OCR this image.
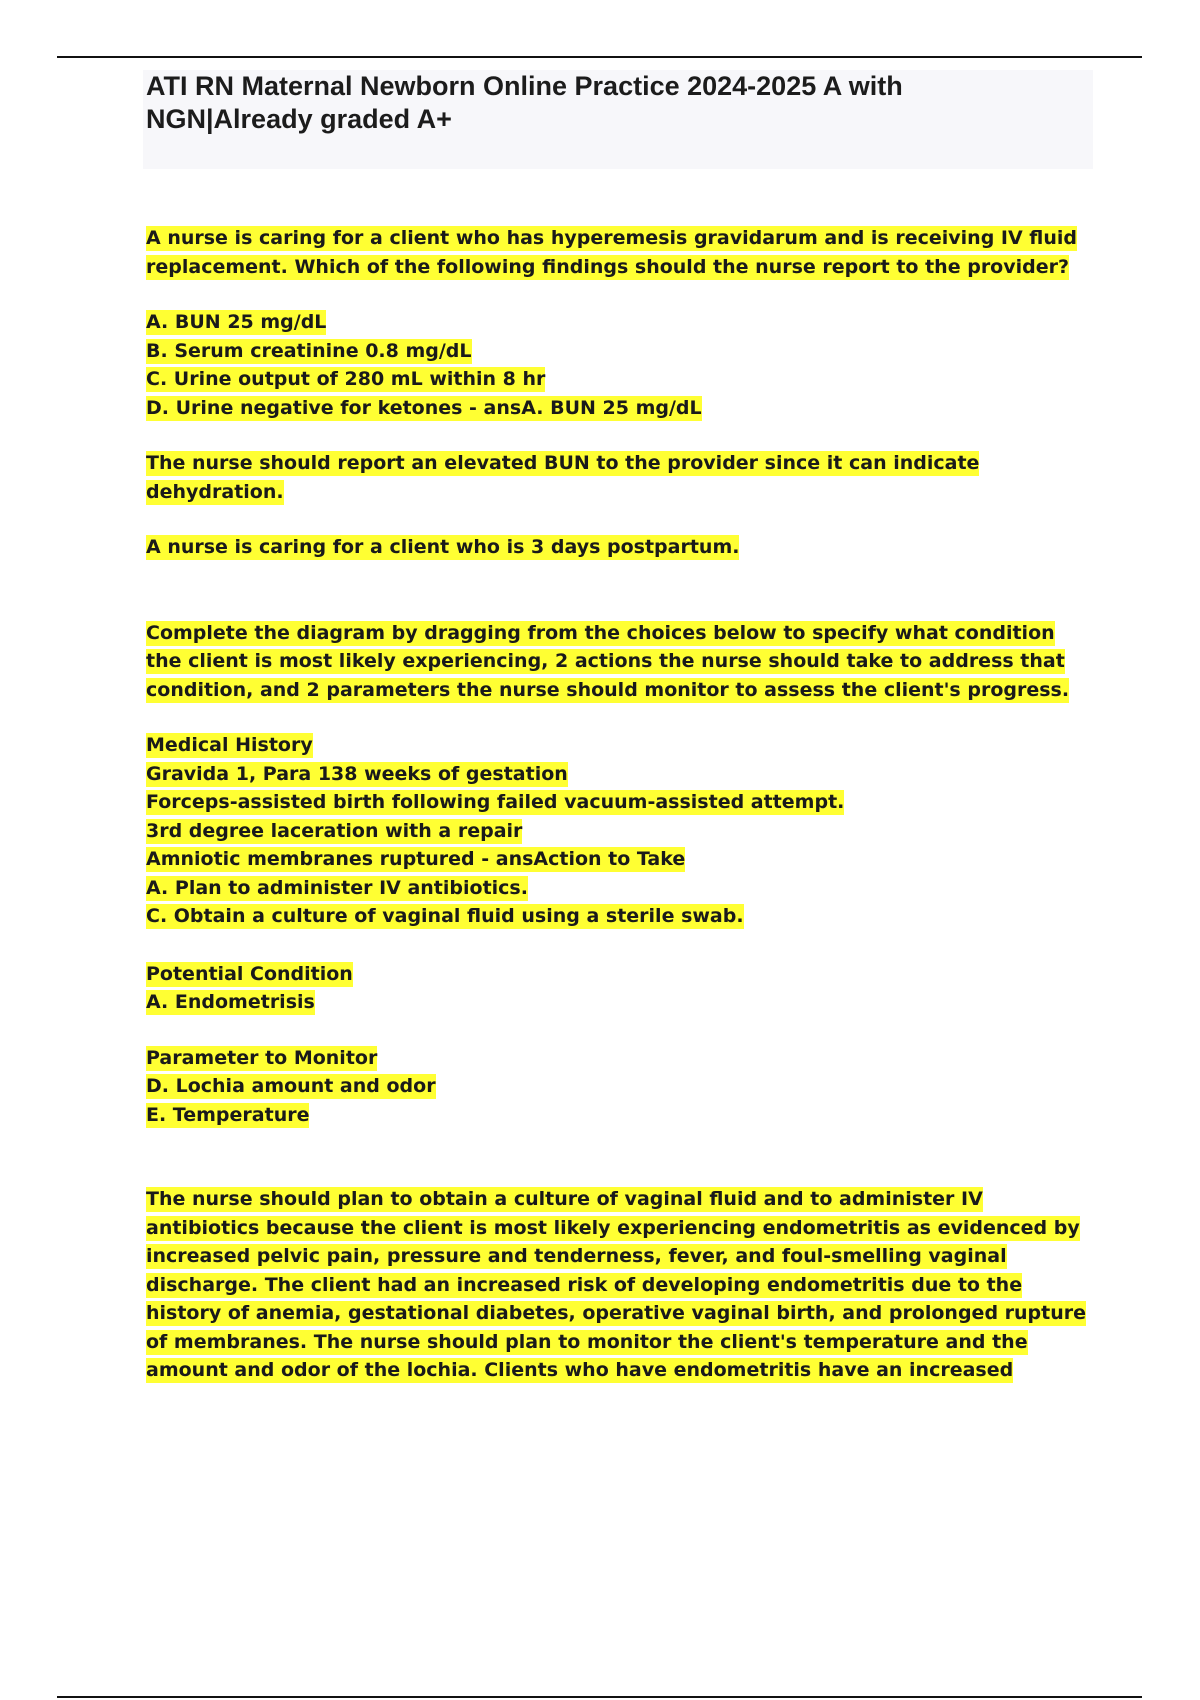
ATI RN Maternal Newborn Online Practice 2024-2025 A with NGN|Already graded A+

A nurse is caring for a client who has hyperemesis gravidarum and is receiving IV fluid replacement. Which of the following findings should the nurse report to the provider?

A. BUN 25 mg/dL
B. Serum creatinine 0.8 mg/dL
C. Urine output of 280 mL within 8 hr
D. Urine negative for ketones - ansA. BUN 25 mg/dL

The nurse should report an elevated BUN to the provider since it can indicate dehydration.

A nurse is caring for a client who is 3 days postpartum.

Complete the diagram by dragging from the choices below to specify what condition the client is most likely experiencing, 2 actions the nurse should take to address that condition, and 2 parameters the nurse should monitor to assess the client's progress.

Medical History
Gravida 1, Para 138 weeks of gestation
Forceps-assisted birth following failed vacuum-assisted attempt.
3rd degree laceration with a repair
Amniotic membranes ruptured - ansAction to Take
A. Plan to administer IV antibiotics.
C. Obtain a culture of vaginal fluid using a sterile swab.

Potential Condition
A. Endometrisis

Parameter to Monitor
D. Lochia amount and odor
E. Temperature

The nurse should plan to obtain a culture of vaginal fluid and to administer IV antibiotics because the client is most likely experiencing endometritis as evidenced by increased pelvic pain, pressure and tenderness, fever, and foul-smelling vaginal discharge. The client had an increased risk of developing endometritis due to the history of anemia, gestational diabetes, operative vaginal birth, and prolonged rupture of membranes. The nurse should plan to monitor the client's temperature and the amount and odor of the lochia. Clients who have endometritis have an increased
